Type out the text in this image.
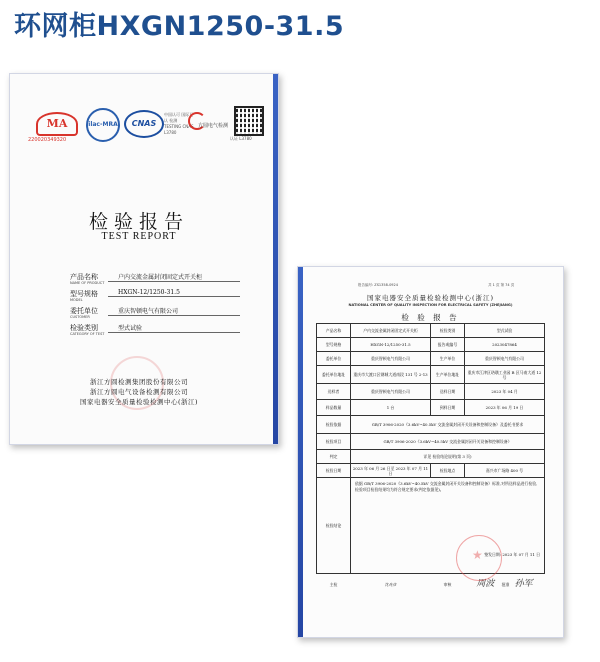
环网柜HXGN1250-31.5
MA
220020349320
ilac-MRA	CNAS
中国认可 国际互认 检测 TESTING CNAS L3780
方圆电气检测
认证 L3780
检验报告
TEST REPORT
产品名称
NAME OF PRODUCT
户内交流金属封闭固定式开关柜
型号规格
MODEL
HXGN-12/1250-31.5
委托单位
CUSTOMER
重庆智顿电气有限公司
检验类别
CATEGORY OF TEST
型式试验
浙江方圆检测集团股份有限公司
浙江方圆电气设备检测有限公司
国家电器安全质量检验检测中心(浙江)
报告编号: ZS1358-0924	共 1 页 第 74 页
国家电器安全质量检验检测中心(浙江)
NATIONAL CENTER OF QUALITY INSPECTION FOR ELECTRICAL SAFETY (ZHEJIANG)
检 验 报 告
产品名称	户内交流金属封闭固定式开关柜	检验类别	型式试验
型号规格	HXGN-12/1250-31.5	报告或编号	2023047864
委托单位	重庆智顿电气有限公司	生产单位	重庆智顿电气有限公司
委托单位地址	重庆市大渡口区钢城大道南段 131 号 2-13	生产单位地址	重庆市江津区珞璜工业园 B 区马南大道 12 号
送样者	重庆智顿电气有限公司	送样日期	2023 年 04 月
样品数量	1 台	到样日期	2023 年 06 月 19 日
检验依据	GB/T 3906-2020《3.6kV~40.5kV 交流金属封闭开关设备和控制设备》及委托书要求		
检验项目	GB/T 3906-2020《3.6kV~40.5kV 交流金属封闭开关设备和控制设备》		
判定	详见 检验结论说明(第 3 页)		
检验日期	2023 年 06 月 26 日至 2023 年 07 月 11 日	检验地点	嘉兴市广场路 400 号
检验结论	依据 GB/T 3906-2020《3.6kV~40.5kV 交流金属封闭开关设备和控制设备》标准,对所送样品进行检验,检验项目检验结果均为符合规定要求(判定依据见)。
签发日期: 2023 年 07 月 11 日		

主检	沈舟彦	审核	周波 批准 孙军
★
